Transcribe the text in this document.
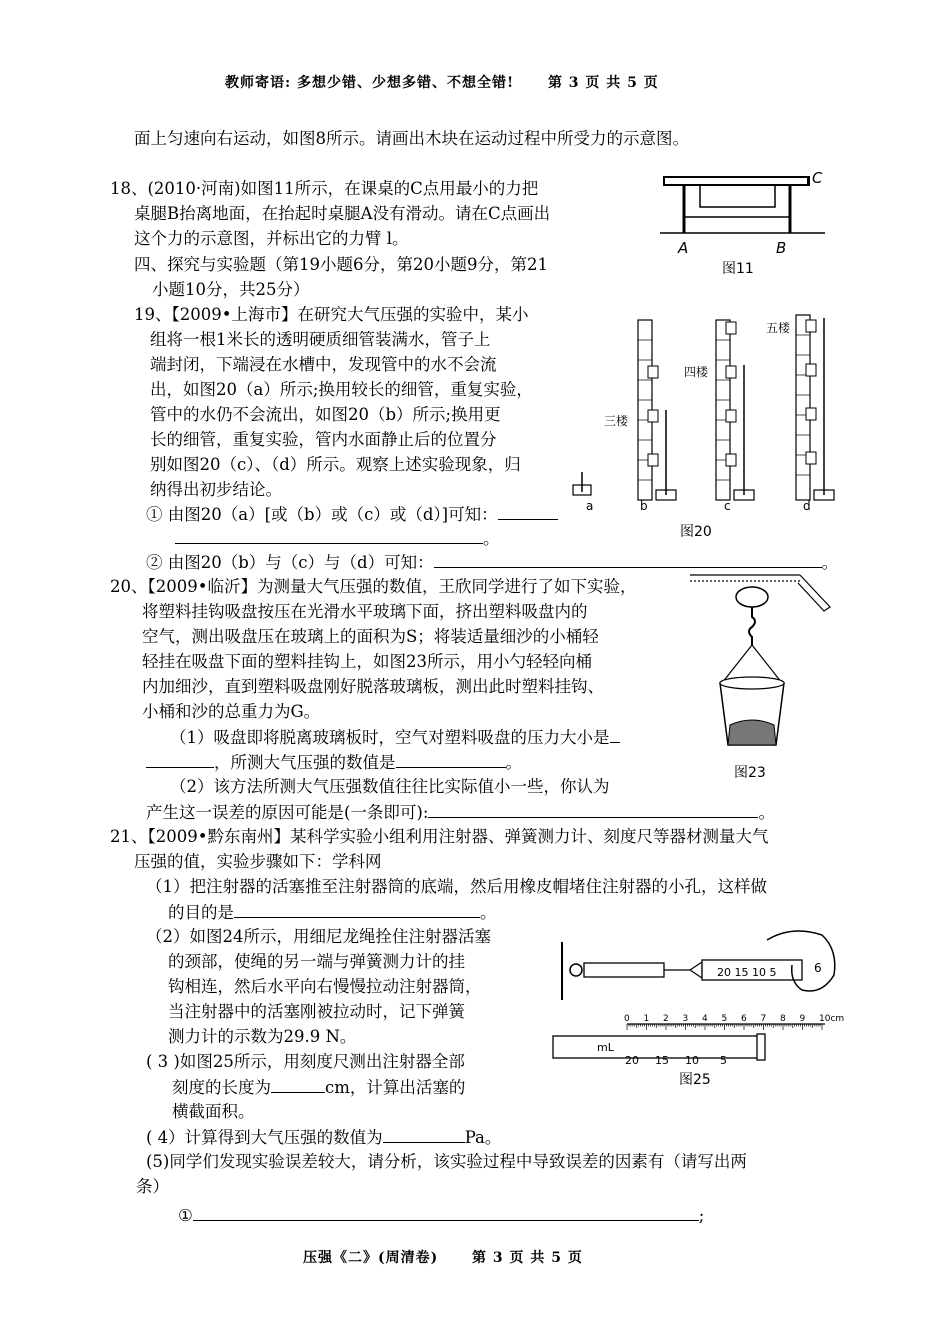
教师寄语: 多想少错、少想多错、不想全错! 第 3 页 共 5 页
面上匀速向右运动，如图8所示。请画出木块在运动过程中所受力的示意图。
18、(2010·河南)如图11所示，在课桌的C点用最小的力把
桌腿B抬离地面，在抬起时桌腿A没有滑动。请在C点画出
这个力的示意图，并标出它的力臂 l。	A	B
C
图11
四、探究与实验题（第19小题6分，第20小题9分，第21
小题10分，共25分）
19、【2009•上海市】在研究大气压强的实验中，某小
组将一根1米长的透明硬质细管装满水，管子上
端封闭，下端浸在水槽中，发现管中的水不会流
出，如图20（a）所示;换用较长的细管，重复实验，
管中的水仍不会流出，如图20（b）所示;换用更
长的细管，重复实验，管内水面静止后的位置分
别如图20（c）、（d）所示。观察上述实验现象，归
纳得出初步结论。
① 由图20（a）[或（b）或（c）或（d）]可知：
。
② 由图20（b）与（c）与（d）可知：	。
三楼
四楼
五楼
a	b	c	d
图20
20、【2009•临沂】为测量大气压强的数值，王欣同学进行了如下实验，
将塑料挂钩吸盘按压在光滑水平玻璃下面，挤出塑料吸盘内的
空气，测出吸盘压在玻璃上的面积为S；将装适量细沙的小桶轻
轻挂在吸盘下面的塑料挂钩上，如图23所示，用小勺轻轻向桶
内加细沙，直到塑料吸盘刚好脱落玻璃板，测出此时塑料挂钩、
小桶和沙的总重力为G。
（1）吸盘即将脱离玻璃板时，空气对塑料吸盘的压力大小是
，所测大气压强的数值是	。
（2）该方法所测大气压强数值往往比实际值小一些，你认为
产生这一误差的原因可能是(一条即可):	。
图23
21、【2009•黔东南州】某科学实验小组利用注射器、弹簧测力计、刻度尺等器材测量大气
压强的值，实验步骤如下：学科网
（1）把注射器的活塞推至注射器筒的底端，然后用橡皮帽堵住注射器的小孔，这样做
的目的是	。
（2）如图24所示，用细尼龙绳拴住注射器活塞
的颈部，使绳的另一端与弹簧测力计的挂
钩相连，然后水平向右慢慢拉动注射器筒，
当注射器中的活塞刚被拉动时，记下弹簧
测力计的示数为29.9 N。
( 3 )如图25所示，用刻度尺测出注射器全部
刻度的长度为	cm，计算出活塞的
横截面积。
( 4）计算得到大气压强的数值为	Pa。
(5)同学们发现实验误差较大，请分析，该实验过程中导致误差的因素有（请写出两
条）
①	;
20 15 10 5	6
0 1 2 3 4 5 6 7 8 9 10cm
mL
20 15 10 5
图25
压强《二》(周清卷) 第 3 页 共 5 页
